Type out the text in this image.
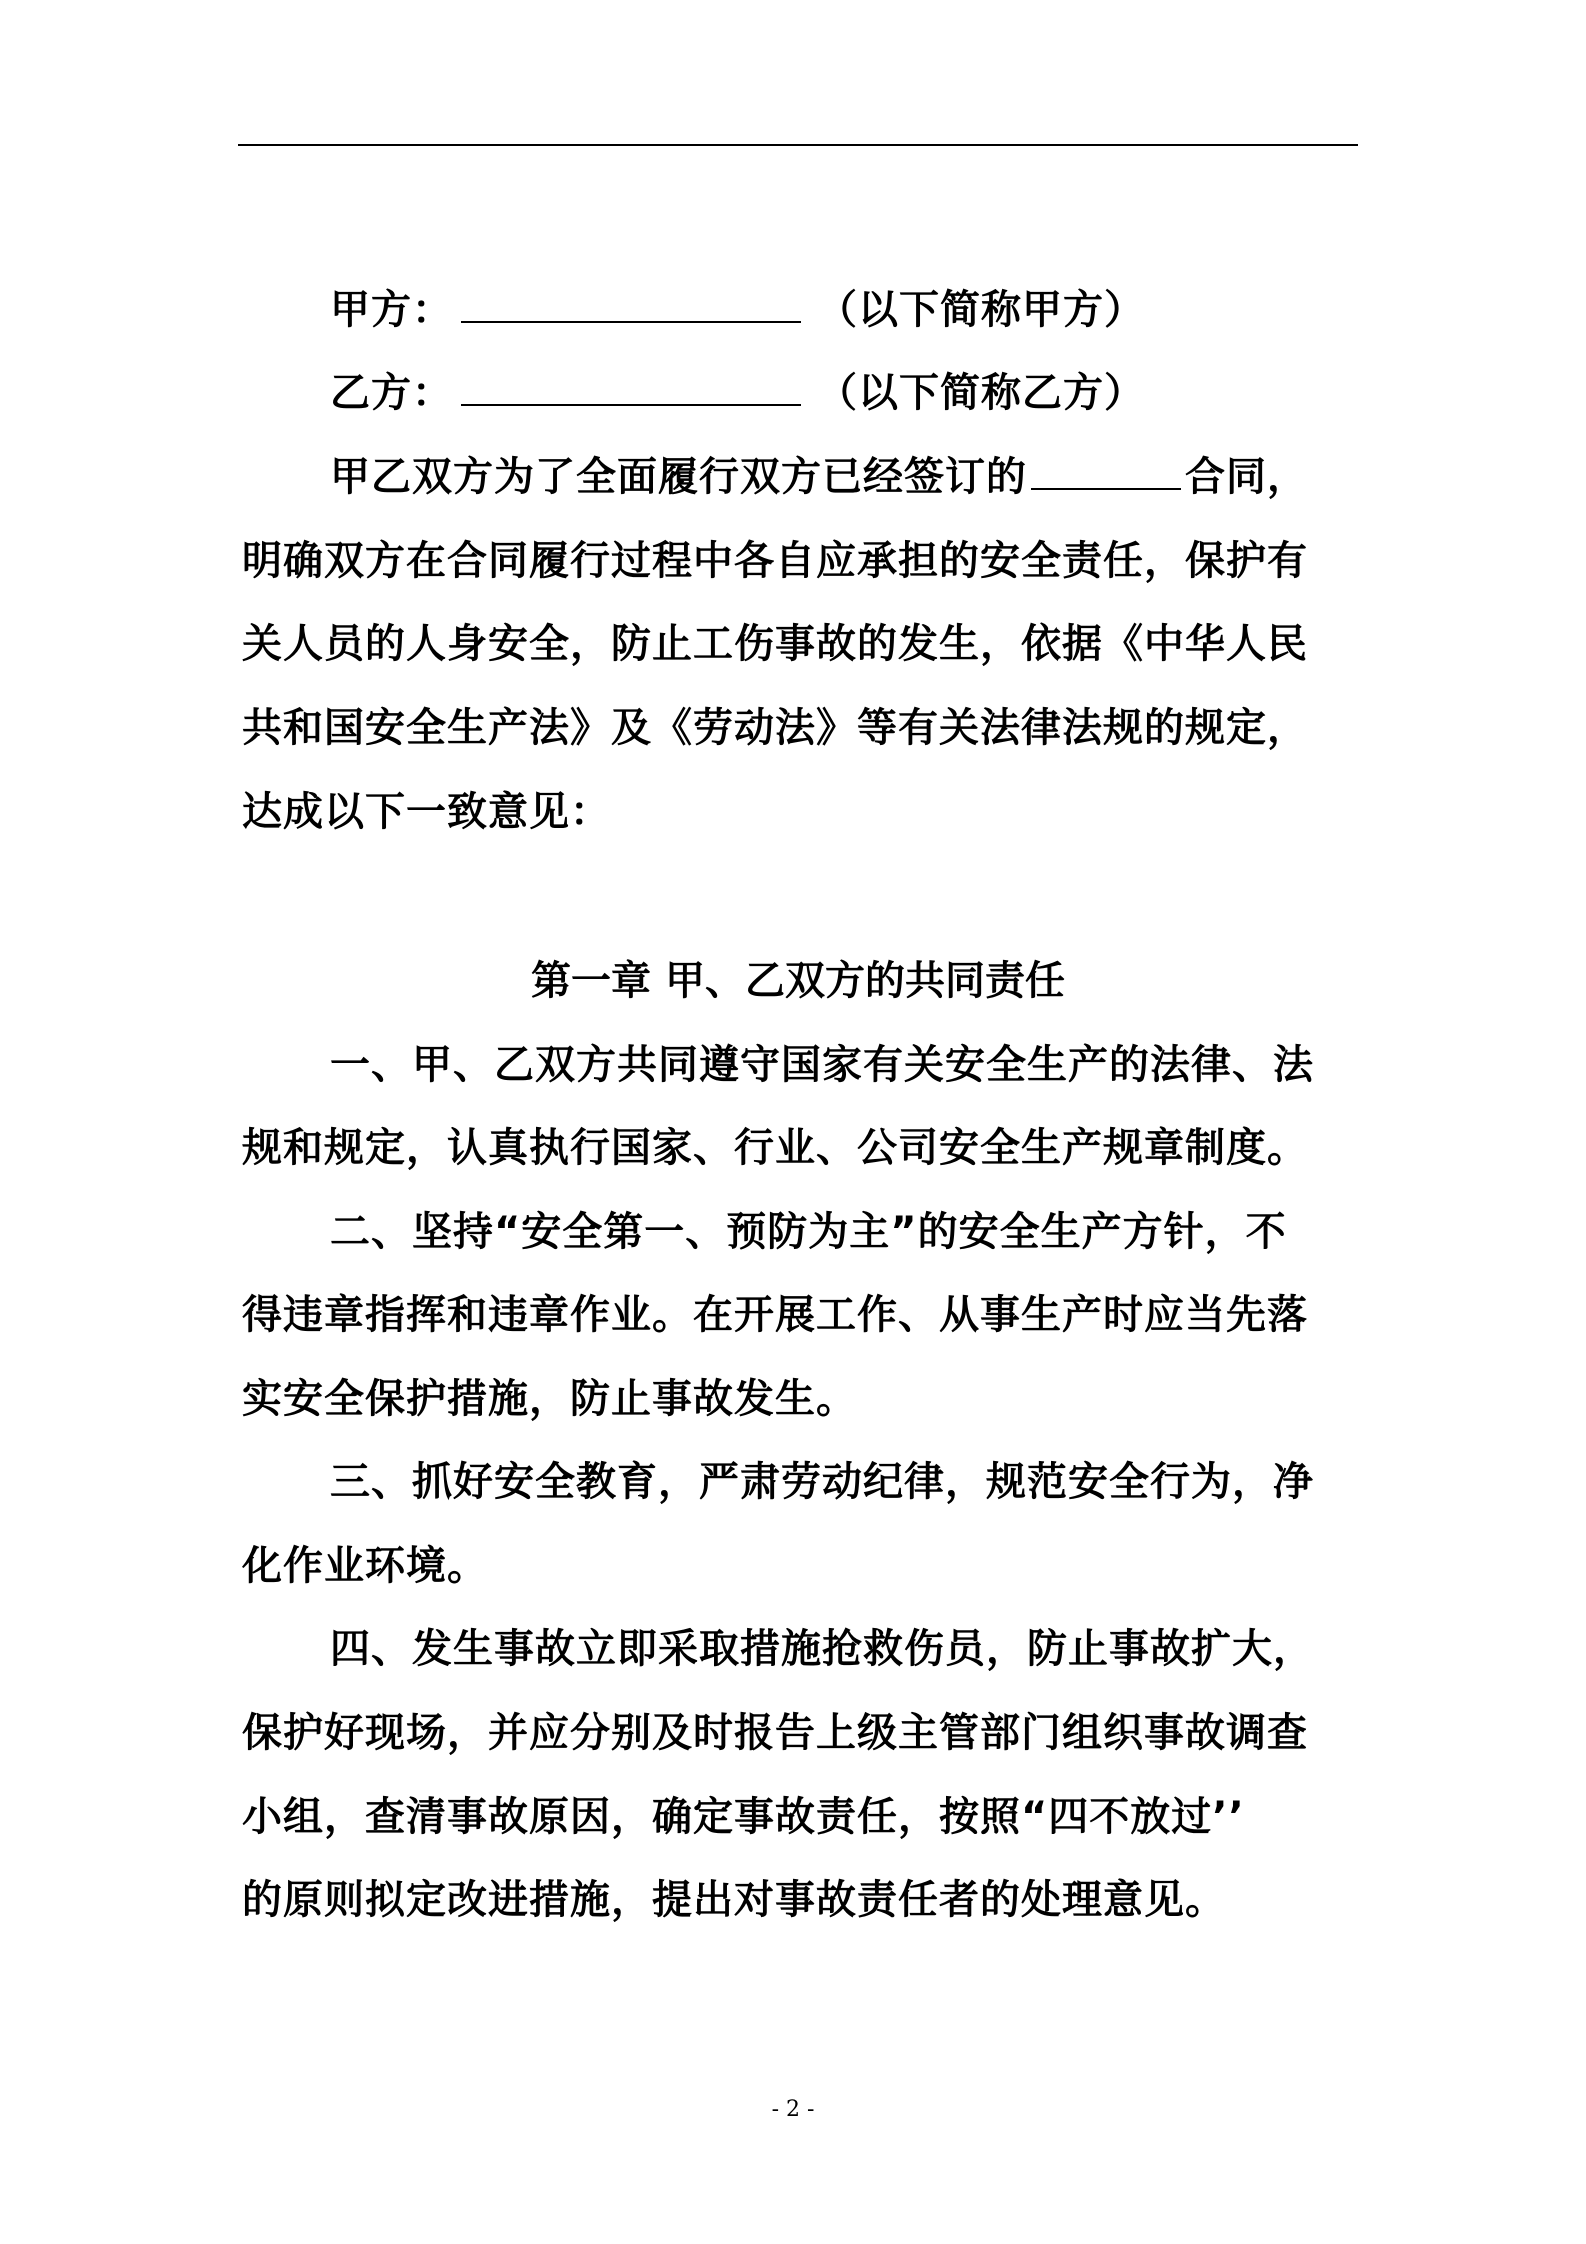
甲方：	（以下简称甲方）
乙方：	（以下简称乙方）
甲乙双方为了全面履行双方已经签订的	合同，
明确双方在合同履行过程中各自应承担的安全责任，保护有
关人员的人身安全，防止工伤事故的发生，依据《中华人民
共和国安全生产法》及《劳动法》等有关法律法规的规定，
达成以下一致意见：
第一章 甲、乙双方的共同责任
一、甲、乙双方共同遵守国家有关安全生产的法律、法
规和规定，认真执行国家、行业、公司安全生产规章制度。
二、坚持“安全第一、预防为主”的安全生产方针，不
得违章指挥和违章作业。在开展工作、从事生产时应当先落
实安全保护措施，防止事故发生。
三、抓好安全教育，严肃劳动纪律，规范安全行为，净
化作业环境。
四、发生事故立即采取措施抢救伤员，防止事故扩大，
保护好现场，并应分别及时报告上级主管部门组织事故调查
小组，查清事故原因，确定事故责任，按照“四不放过’’
的原则拟定改进措施，提出对事故责任者的处理意见。
- 2 -
